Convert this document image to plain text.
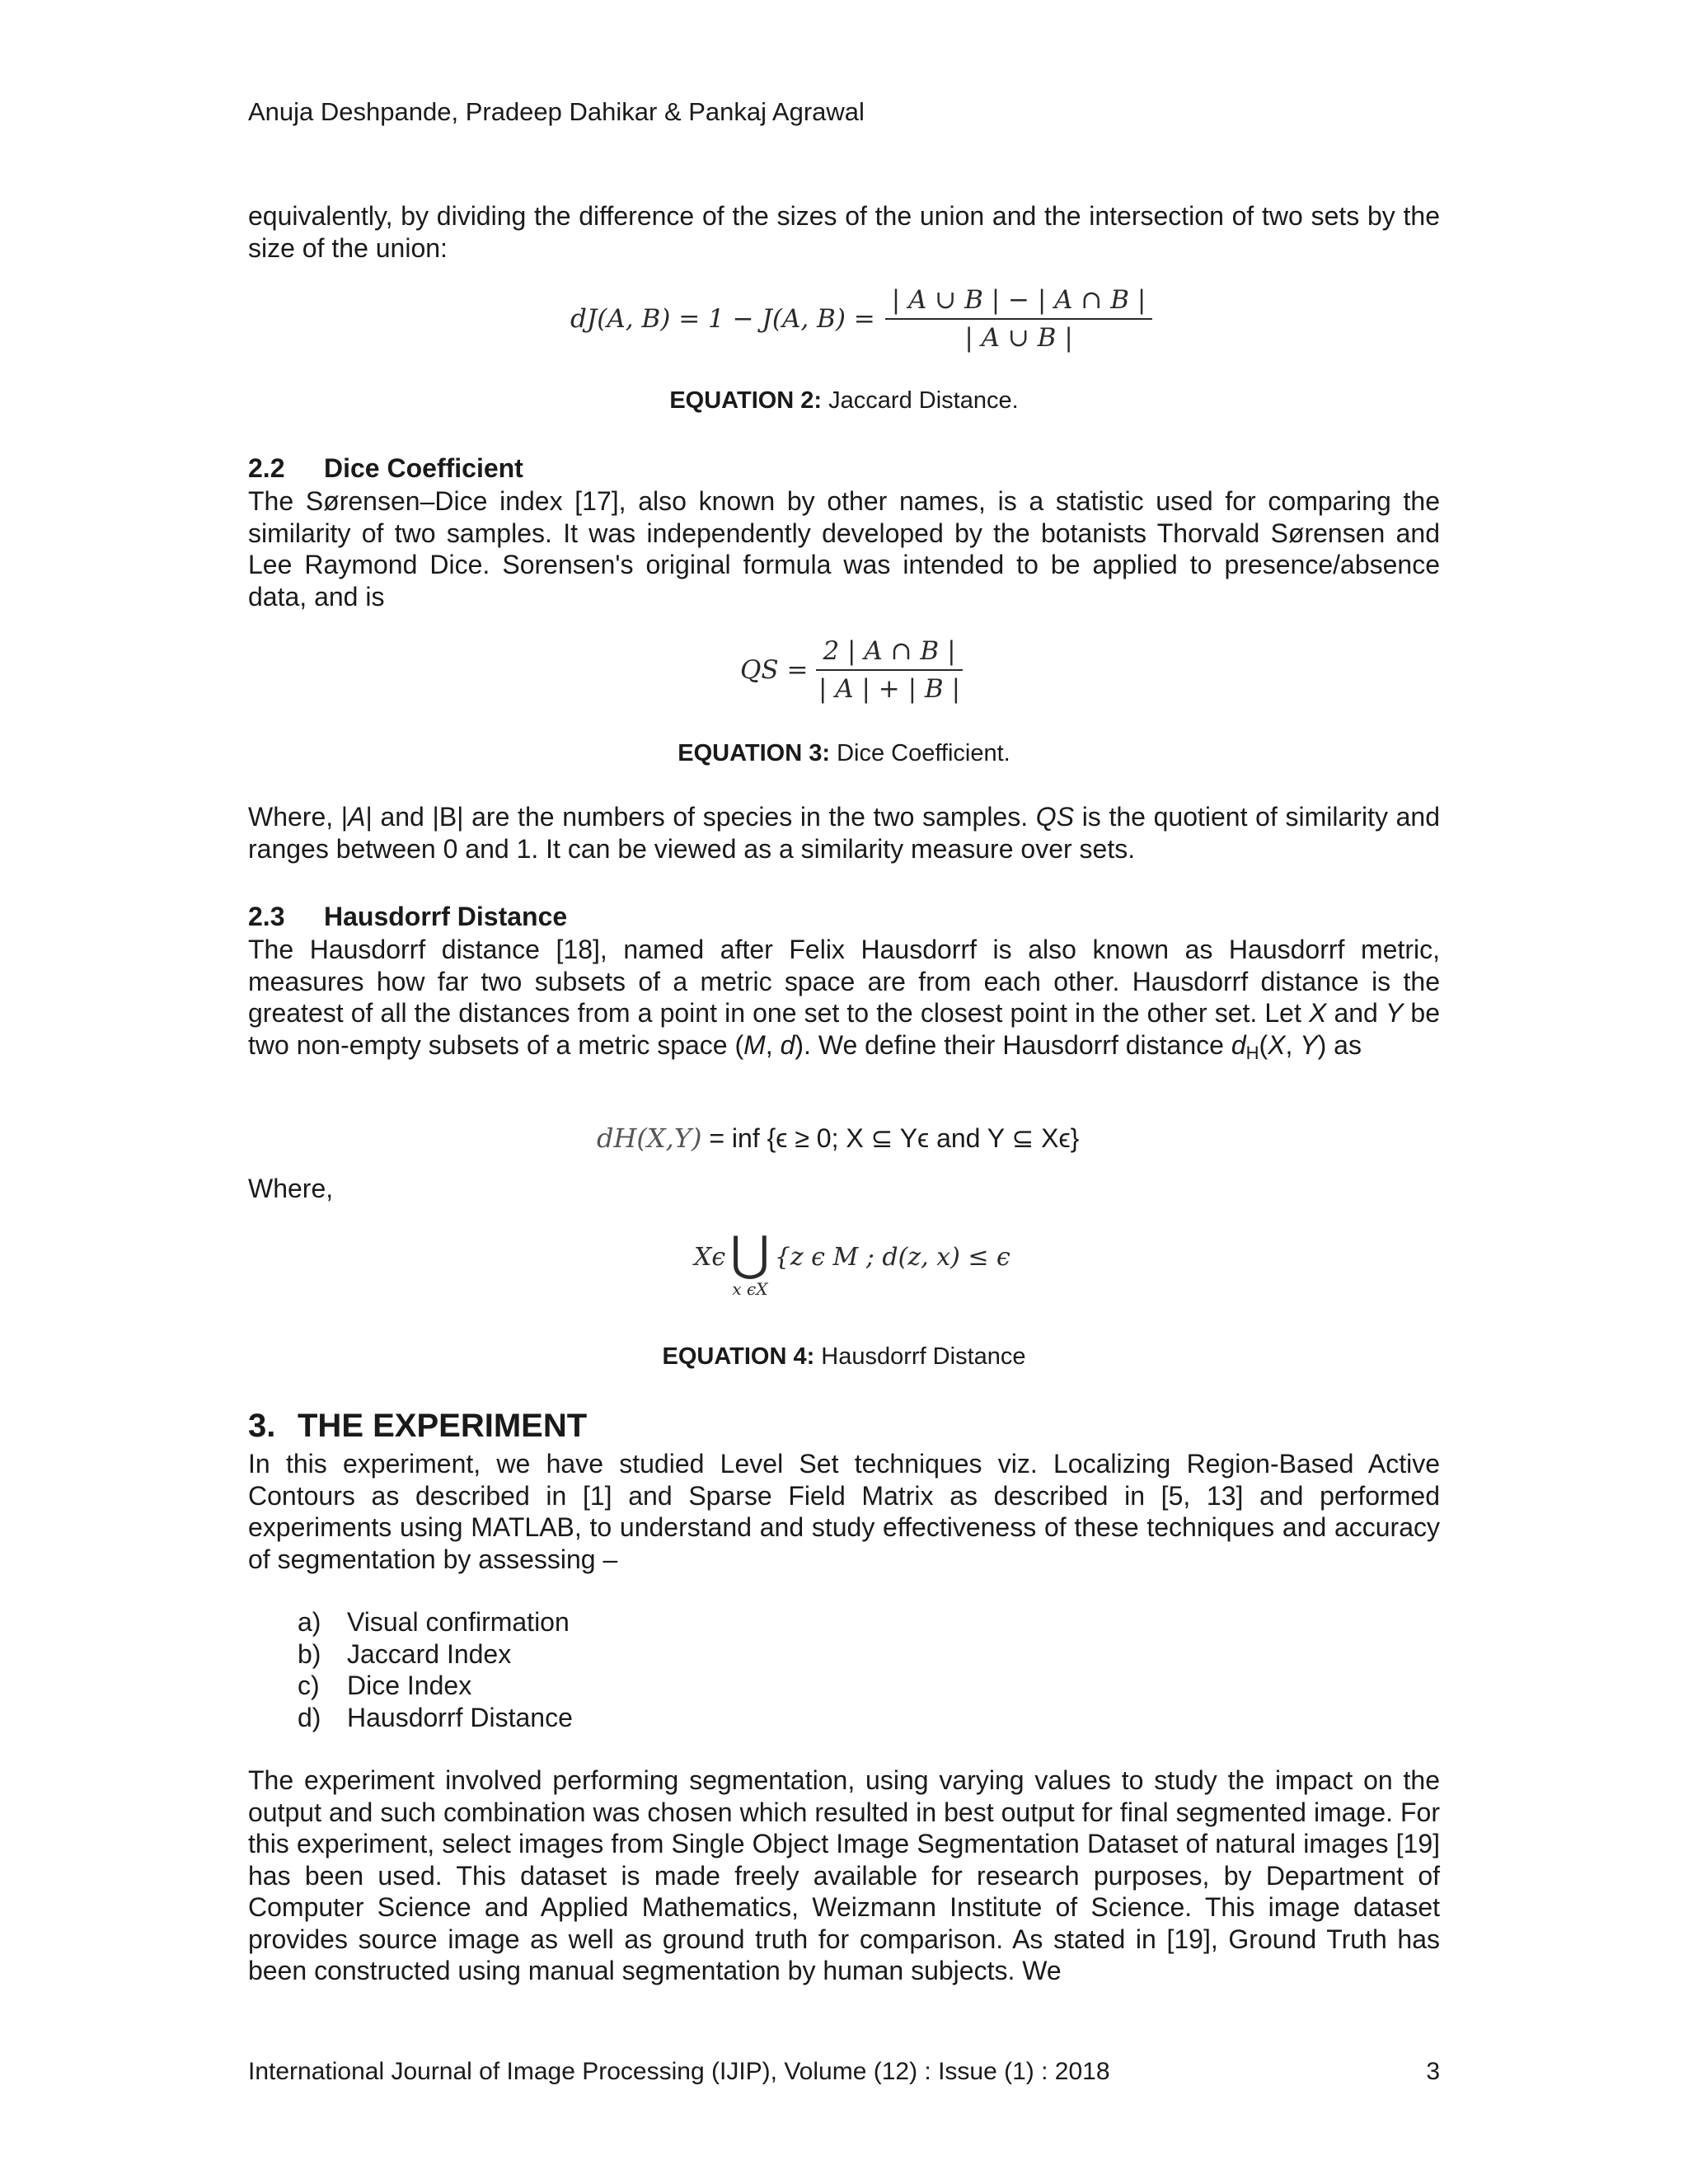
Anuja Deshpande, Pradeep Dahikar & Pankaj Agrawal
equivalently, by dividing the difference of the sizes of the union and the intersection of two sets by the size of the union:
dJ(A, B) = 1 − J(A, $B) = \frac{| A \cup B | - | A \cap B |}{| A \cup B |}$
EQUATION 2: Jaccard Distance.
2.2 Dice Coefficient
The Sørensen–Dice index [17], also known by other names, is a statistic used for comparing the similarity of two samples. It was independently developed by the botanists Thorvald Sørensen and Lee Raymond Dice. Sorensen's original formula was intended to be applied to presence/absence data, and is
QS = $\frac{2 | A \cap B |}{| A | + | B |}$
EQUATION 3: Dice Coefficient.
Where, |A| and |B| are the numbers of species in the two samples. QS is the quotient of similarity and ranges between 0 and 1. It can be viewed as a similarity measure over sets.
2.3 Hausdorrf Distance
The Hausdorrf distance [18], named after Felix Hausdorrf is also known as Hausdorrf metric, measures how far two subsets of a metric space are from each other. Hausdorrf distance is the greatest of all the distances from a point in one set to the closest point in the other set. Let X and Y be two non-empty subsets of a metric space (M, d). We define their Hausdorrf distance dH(X, Y) as
dH(X,Y) = inf {ϵ ≥ 0; X ⊆ Yϵ and Y ⊆ Xϵ}
Where,
Xϵ ⋃
x ϵX
{z ϵ M ; d(z, x) ≤ ϵ
EQUATION 4: Hausdorrf Distance
3. THE EXPERIMENT
In this experiment, we have studied Level Set techniques viz. Localizing Region-Based Active Contours as described in [1] and Sparse Field Matrix as described in [5, 13] and performed experiments using MATLAB, to understand and study effectiveness of these techniques and accuracy of segmentation by assessing –
a) Visual confirmation
b) Jaccard Index
c) Dice Index
d) Hausdorrf Distance
The experiment involved performing segmentation, using varying values to study the impact on the output and such combination was chosen which resulted in best output for final segmented image. For this experiment, select images from Single Object Image Segmentation Dataset of natural images [19] has been used. This dataset is made freely available for research purposes, by Department of Computer Science and Applied Mathematics, Weizmann Institute of Science. This image dataset provides source image as well as ground truth for comparison. As stated in [19], Ground Truth has been constructed using manual segmentation by human subjects. We
International Journal of Image Processing (IJIP), Volume (12) : Issue (1) : 2018	3
